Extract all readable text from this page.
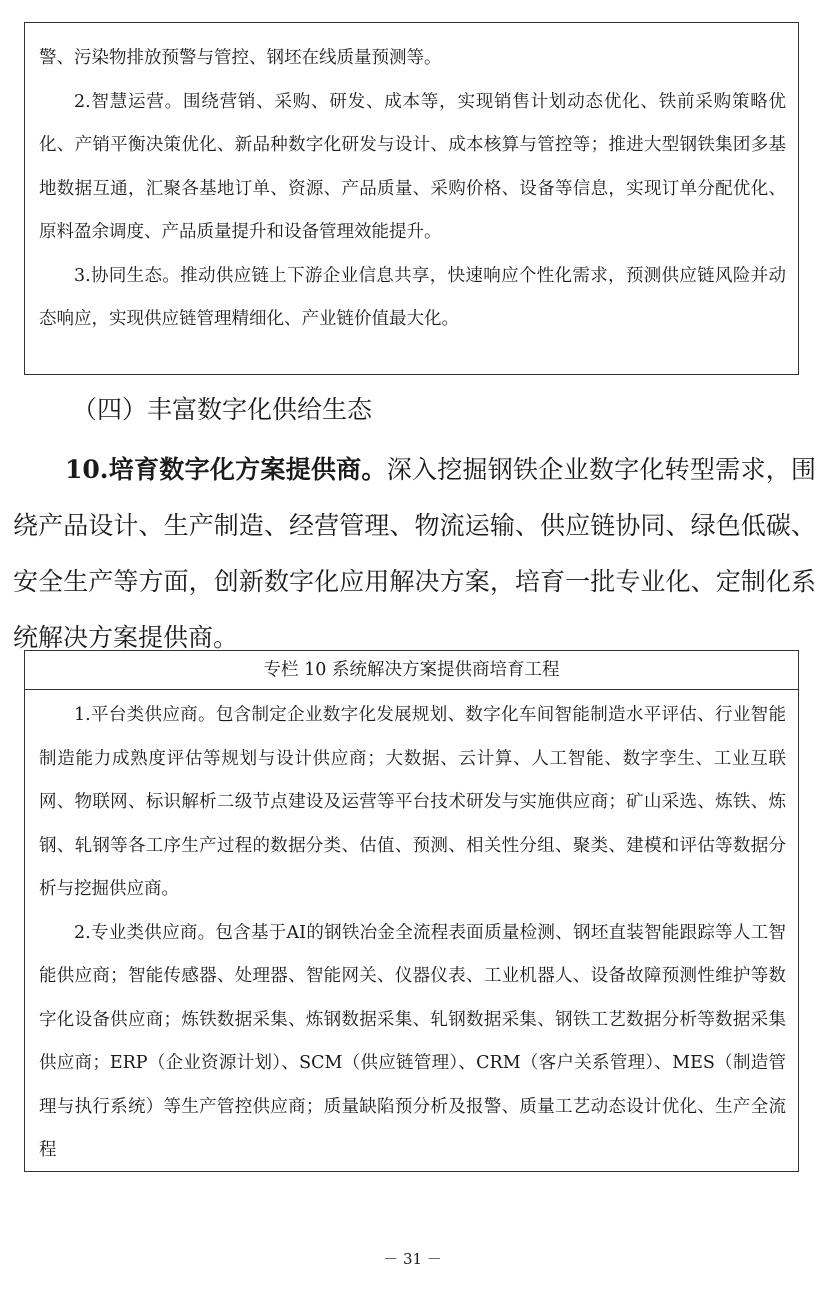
警、污染物排放预警与管控、钢坯在线质量预测等。

2.智慧运营。围绕营销、采购、研发、成本等，实现销售计划动态优化、铁前采购策略优化、产销平衡决策优化、新品种数字化研发与设计、成本核算与管控等；推进大型钢铁集团多基地数据互通，汇聚各基地订单、资源、产品质量、采购价格、设备等信息，实现订单分配优化、原料盈余调度、产品质量提升和设备管理效能提升。

3.协同生态。推动供应链上下游企业信息共享，快速响应个性化需求，预测供应链风险并动态响应，实现供应链管理精细化、产业链价值最大化。

（四）丰富数字化供给生态

10.培育数字化方案提供商。深入挖掘钢铁企业数字化转型需求，围绕产品设计、生产制造、经营管理、物流运输、供应链协同、绿色低碳、安全生产等方面，创新数字化应用解决方案，培育一批专业化、定制化系统解决方案提供商。

专栏 10 系统解决方案提供商培育工程

1.平台类供应商。包含制定企业数字化发展规划、数字化车间智能制造水平评估、行业智能制造能力成熟度评估等规划与设计供应商；大数据、云计算、人工智能、数字孪生、工业互联网、物联网、标识解析二级节点建设及运营等平台技术研发与实施供应商；矿山采选、炼铁、炼钢、轧钢等各工序生产过程的数据分类、估值、预测、相关性分组、聚类、建模和评估等数据分析与挖掘供应商。

2.专业类供应商。包含基于AI的钢铁冶金全流程表面质量检测、钢坯直装智能跟踪等人工智能供应商；智能传感器、处理器、智能网关、仪器仪表、工业机器人、设备故障预测性维护等数字化设备供应商；炼铁数据采集、炼钢数据采集、轧钢数据采集、钢铁工艺数据分析等数据采集供应商；ERP（企业资源计划）、SCM（供应链管理）、CRM（客户关系管理）、MES（制造管理与执行系统）等生产管控供应商；质量缺陷预分析及报警、质量工艺动态设计优化、生产全流程

－ 31 －
